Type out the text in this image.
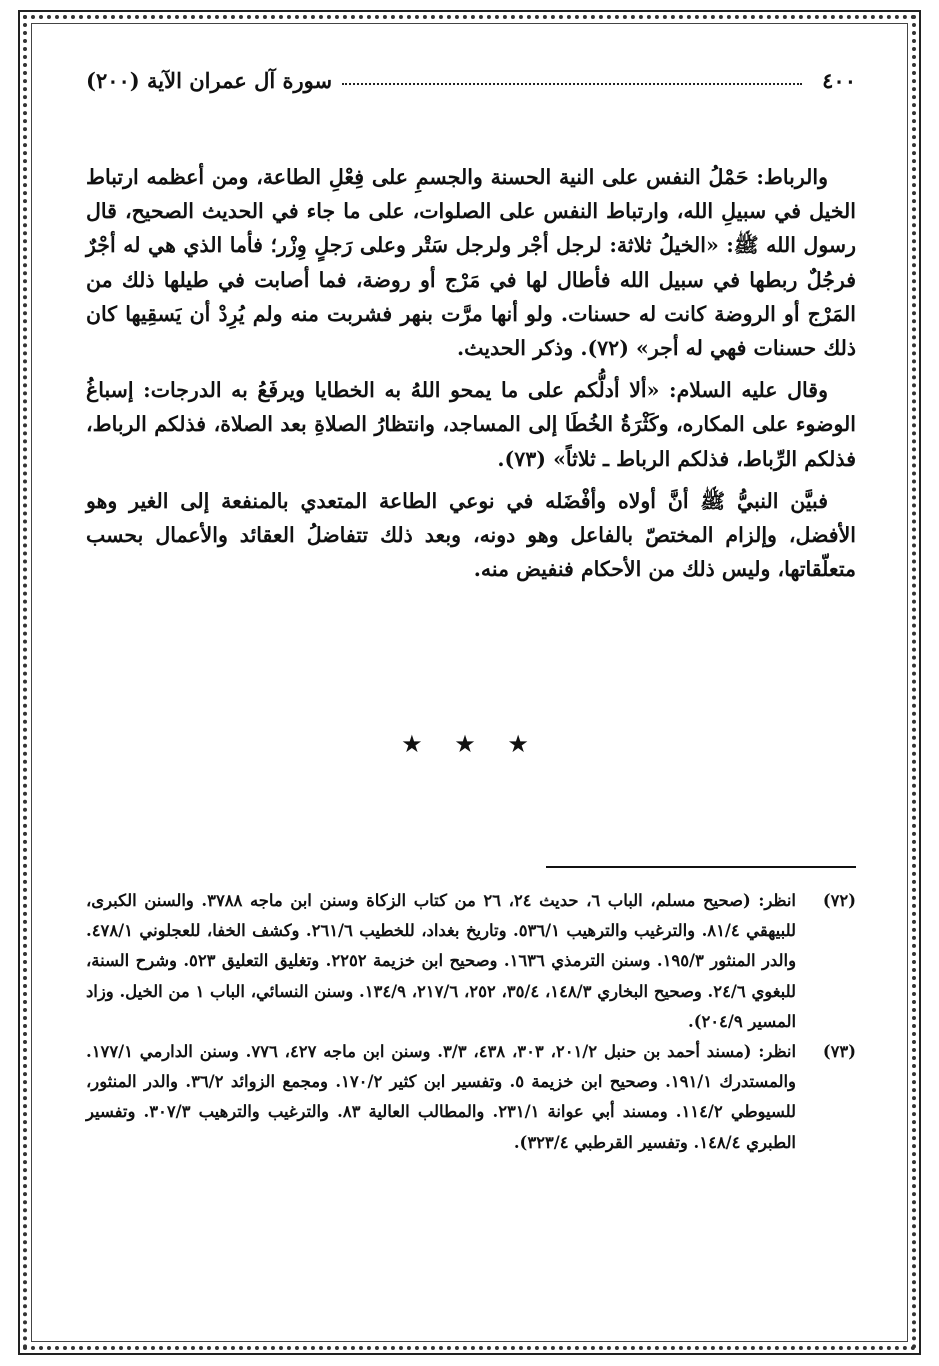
٤٠٠
سورة آل عمران الآية (٢٠٠)

والرباط: حَمْلُ النفس على النية الحسنة والجسمِ على فِعْلِ الطاعة، ومن أعظمه ارتباط الخيل في سبيلِ الله، وارتباط النفس على الصلوات، على ما جاء في الحديث الصحيح، قال رسول الله ﷺ: «الخيلُ ثلاثة: لرجل أجْر ولرجل سَتْر وعلى رَجلٍ وِزْر؛ فأما الذي هي له أجْرٌ فرجُلٌ ربطها في سبيل الله فأطال لها في مَرْج أو روضة، فما أصابت في طيلها ذلك من المَرْج أو الروضة كانت له حسنات. ولو أنها مرَّت بنهر فشربت منه ولم يُرِدْ أن يَسقِيها كان ذلك حسنات فهي له أجر» (٧٢). وذكر الحديث.

وقال عليه السلام: «ألا أدلُّكم على ما يمحو اللهُ به الخطايا ويرفَعُ به الدرجات: إسباغُ الوضوء على المكاره، وكَثْرَةُ الخُطَا إلى المساجد، وانتظارُ الصلاةِ بعد الصلاة، فذلكم الرباط، فذلكم الرِّباط، فذلكم الرباط ـ ثلاثاً» (٧٣).

فبيَّن النبيُّ ﷺ أنَّ أولاه وأفْضَله في نوعي الطاعة المتعدي بالمنفعة إلى الغير وهو الأفضل، وإلزام المختصّ بالفاعل وهو دونه، وبعد ذلك تتفاضلُ العقائد والأعمال بحسب متعلّقاتها، وليس ذلك من الأحكام فنفيض منه.

★ ★ ★
(٧٢)
انظر: (صحيح مسلم، الباب ٦، حديث ٢٤، ٢٦ من كتاب الزكاة وسنن ابن ماجه ٣٧٨٨. والسنن الكبرى، للبيهقي ٨١/٤. والترغيب والترهيب ٥٣٦/١. وتاريخ بغداد، للخطيب ٢٦١/٦. وكشف الخفا، للعجلوني ٤٧٨/١. والدر المنثور ١٩٥/٣. وسنن الترمذي ١٦٣٦. وصحيح ابن خزيمة ٢٢٥٢. وتغليق التعليق ٥٢٣. وشرح السنة، للبغوي ٢٤/٦. وصحيح البخاري ١٤٨/٣، ٣٥/٤، ٢٥٢، ٢١٧/٦، ١٣٤/٩. وسنن النسائي، الباب ١ من الخيل. وزاد المسير ٢٠٤/٩).
(٧٣)
انظر: (مسند أحمد بن حنبل ٢٠١/٢، ٣٠٣، ٤٣٨، ٣/٣. وسنن ابن ماجه ٤٢٧، ٧٧٦. وسنن الدارمي ١٧٧/١. والمستدرك ١٩١/١. وصحيح ابن خزيمة ٥. وتفسير ابن كثير ١٧٠/٢. ومجمع الزوائد ٣٦/٢. والدر المنثور، للسيوطي ١١٤/٢. ومسند أبي عوانة ٢٣١/١. والمطالب العالية ٨٣. والترغيب والترهيب ٣٠٧/٣. وتفسير الطبري ١٤٨/٤. وتفسير القرطبي ٣٢٣/٤).
